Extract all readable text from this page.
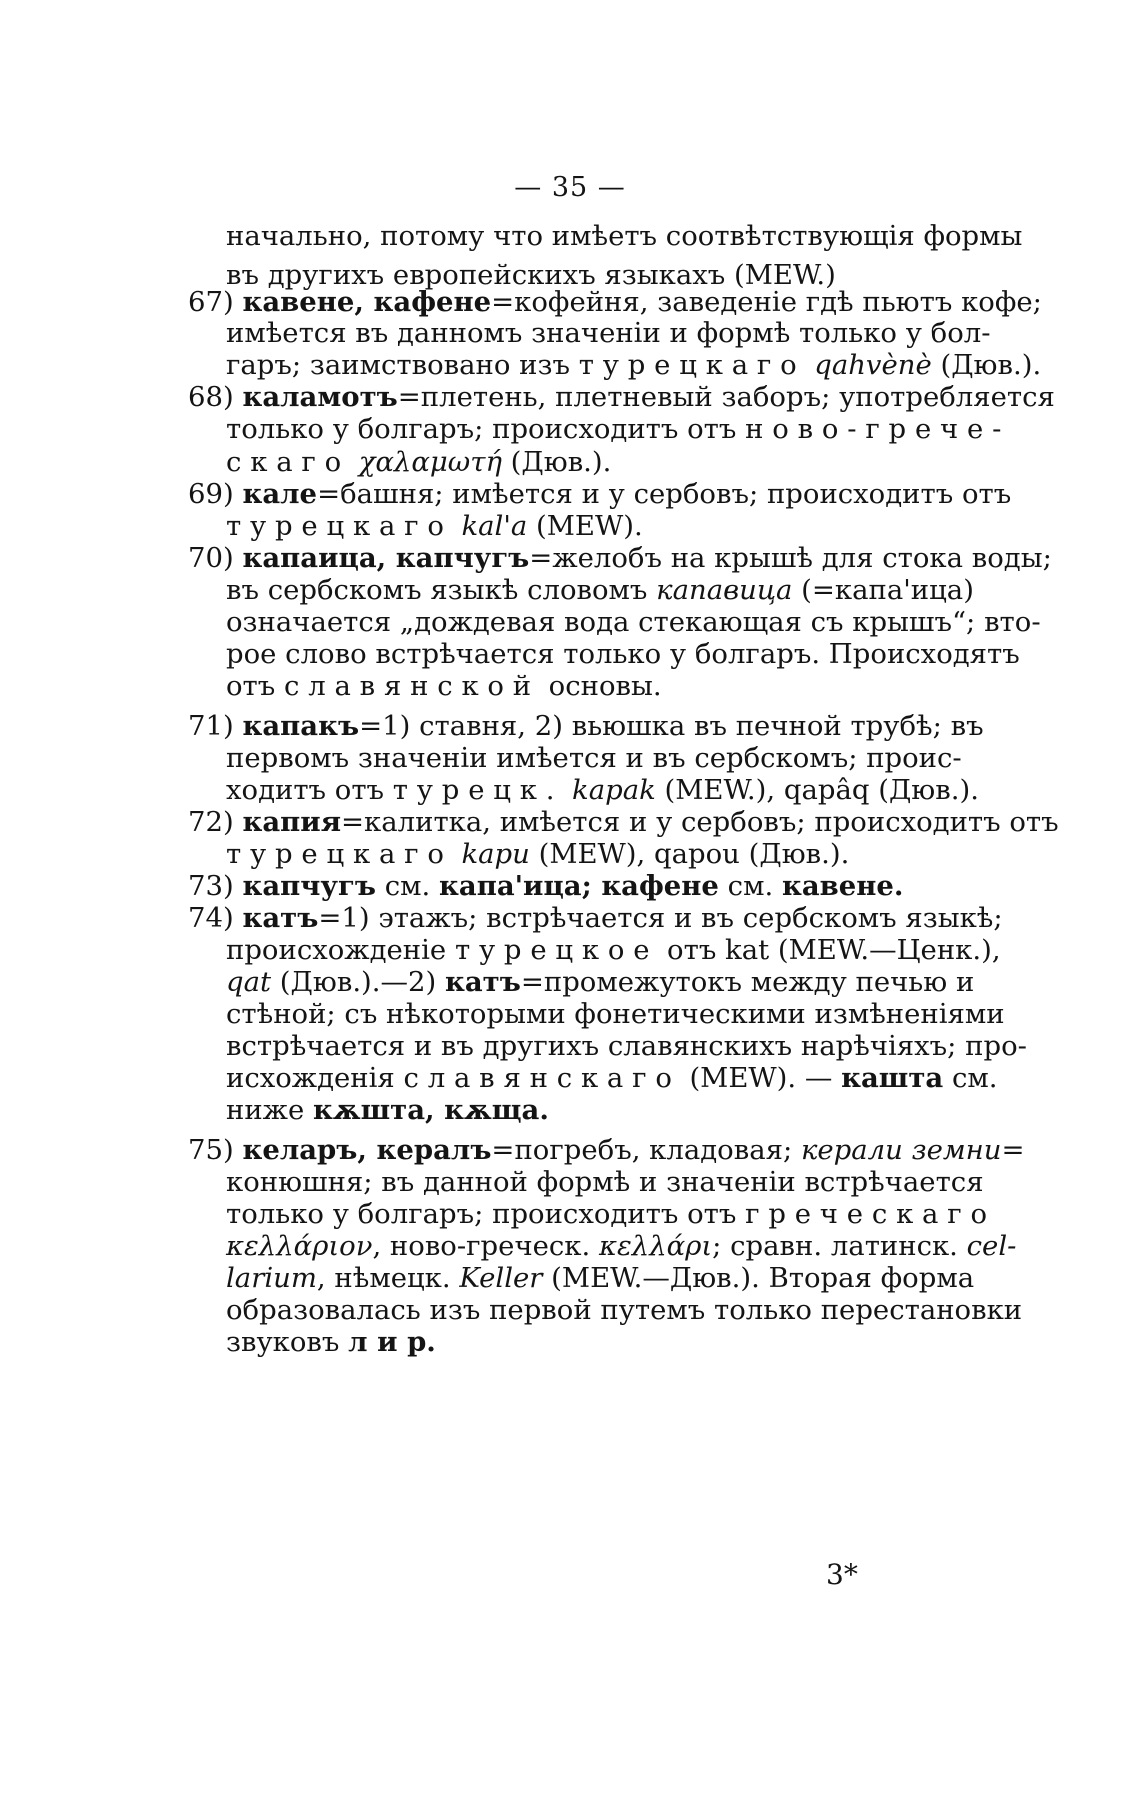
— 35 —
начально, потому что имѣетъ соотвѣтствующія формы
въ другихъ европейскихъ языкахъ (MEW.)
67) кавене, кафене=кофейня, заведеніе гдѣ пьютъ кофе;
имѣется въ данномъ значеніи и формѣ только у бол-
гаръ; заимствовано изъ турецкаго qahvènè (Дюв.).
68) каламотъ=плетень, плетневый заборъ; употребляется
только у болгаръ; происходитъ отъ ново-грече-
скаго χαλαμωτή (Дюв.).
69) кале=башня; имѣется и у сербовъ; происходитъ отъ
турецкаго kal'a (MEW).
70) капаица, капчугъ=желобъ на крышѣ для стока воды;
въ сербскомъ языкѣ словомъ капавица (=капа'ица)
означается „дождевая вода стекающая съ крышъ“; вто-
рое слово встрѣчается только у болгаръ. Происходятъ
отъ славянской основы.
71) капакъ=1) ставня, 2) вьюшка въ печной трубѣ; въ
первомъ значеніи имѣется и въ сербскомъ; проис-
ходитъ отъ турецк. kapak (MEW.), qapâq (Дюв.).
72) капия=калитка, имѣется и у сербовъ; происходитъ отъ
турецкаго kapu (MEW), qapou (Дюв.).
73) капчугъ см. капа'ица; кафене см. кавене.
74) катъ=1) этажъ; встрѣчается и въ сербскомъ языкѣ;
происхожденіе турецкое отъ kat (MEW.—Ценк.),
qat (Дюв.).—2) катъ=промежутокъ между печью и
стѣной; съ нѣкоторыми фонетическими измѣненіями
встрѣчается и въ другихъ славянскихъ нарѣчіяхъ; про-
исхожденія славянскаго (MEW). — кашта см.
ниже кѫшта, кѫща.
75) келаръ, кералъ=погребъ, кладовая; керали земни=
конюшня; въ данной формѣ и значеніи встрѣчается
только у болгаръ; происходитъ отъ греческаго
κελλάριον, ново-греческ. κελλάρι; сравн. латинск. cel-
larium, нѣмецк. Keller (MEW.—Дюв.). Вторая форма
образовалась изъ первой путемъ только перестановки
звуковъ л и р.
3*
